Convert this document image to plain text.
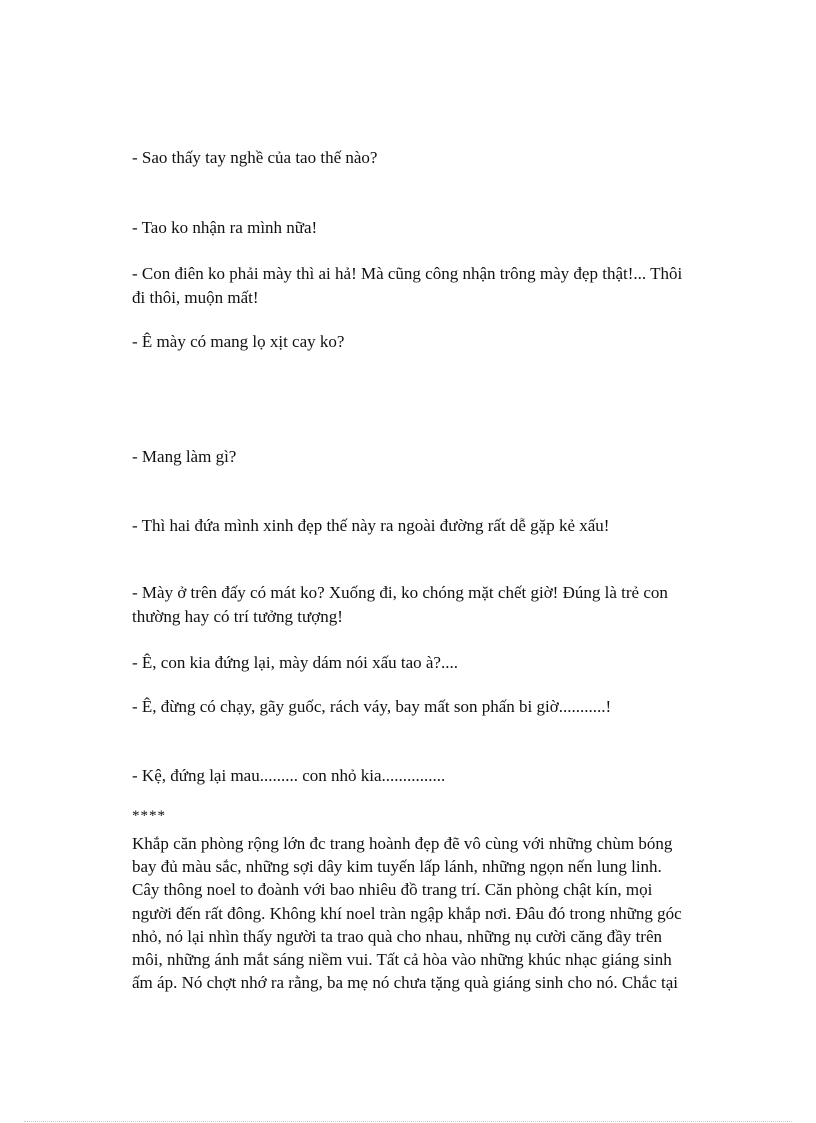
- Sao thấy tay nghề của tao thế nào?
- Tao ko nhận ra mình nữa!
- Con điên ko phải mày thì ai hả! Mà cũng công nhận trông mày đẹp thật!... Thôi
đi thôi, muộn mất!
- Ê mày có mang lọ xịt cay ko?
- Mang làm gì?
- Thì hai đứa mình xinh đẹp thế này ra ngoài đường rất dễ gặp kẻ xấu!
- Mày ở trên đấy có mát ko? Xuống đi, ko chóng mặt chết giờ! Đúng là trẻ con
thường hay có trí tưởng tượng!
- Ê, con kia đứng lại, mày dám nói xấu tao à?....
- Ê, đừng có chạy, gãy guốc, rách váy, bay mất son phấn bi giờ...........!
- Kệ, đứng lại mau......... con nhỏ kia...............
****
Khắp căn phòng rộng lớn đc trang hoành đẹp đẽ vô cùng với những chùm bóng
bay đủ màu sắc, những sợi dây kim tuyến lấp lánh, những ngọn nến lung linh.
Cây thông noel to đoành với bao nhiêu đồ trang trí. Căn phòng chật kín, mọi
người đến rất đông. Không khí noel tràn ngập khắp nơi. Đâu đó trong những góc
nhỏ, nó lại nhìn thấy người ta trao quà cho nhau, những nụ cười căng đầy trên
môi, những ánh mắt sáng niềm vui. Tất cả hòa vào những khúc nhạc giáng sinh
ấm áp. Nó chợt nhớ ra rằng, ba mẹ nó chưa tặng quà giáng sinh cho nó. Chắc tại
